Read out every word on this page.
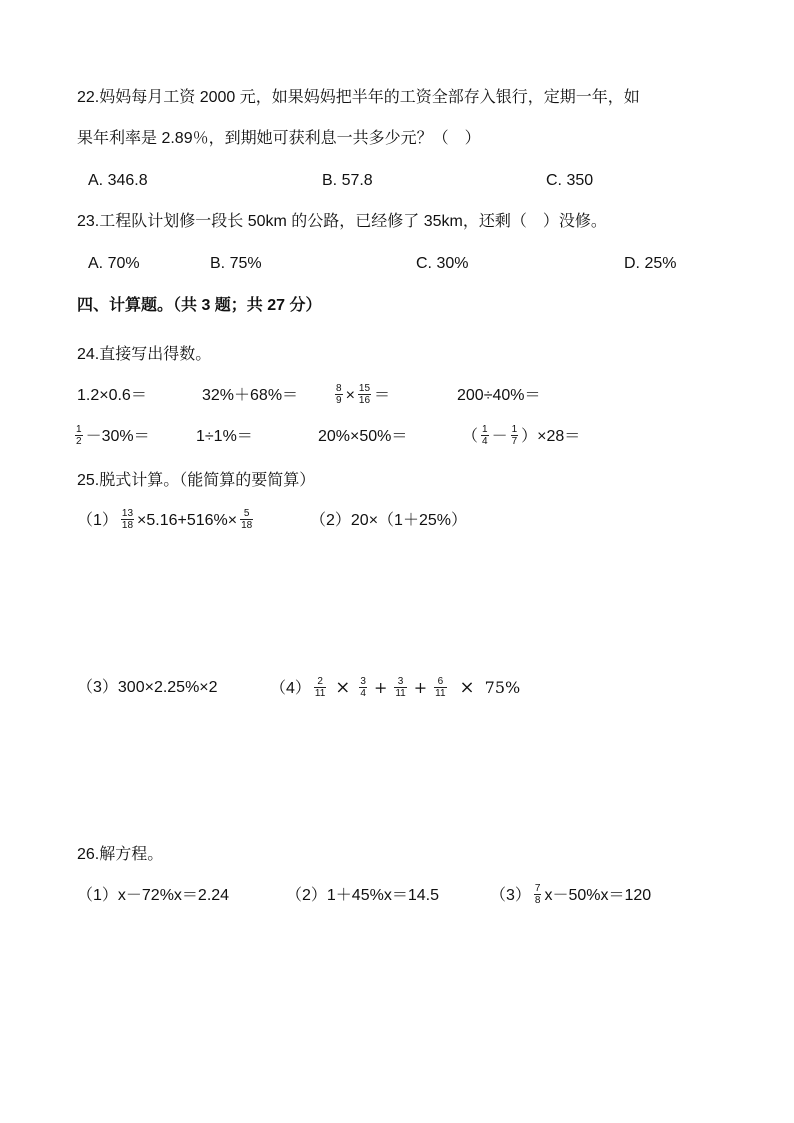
22.妈妈每月工资 2000 元，如果妈妈把半年的工资全部存入银行，定期一年，如
果年利率是 2.89％，到期她可获利息一共多少元？（　）
A. 346.8	B. 57.8	C. 350
23.工程队计划修一段长 50km 的公路，已经修了 35km，还剩（　）没修。
A. 70%	B. 75%	C. 30%	D. 25%
四、计算题。（共 3 题；共 27 分）
24.直接写出得数。
1.2×0.6＝	32%＋68%＝	$\frac{8}{9} \times \frac{15}{16}$ ＝	200÷40%＝
$\frac{1}{2} -30\%=$	1÷1%＝	20%×50%＝	（ $\frac{1}{4} - \frac{1}{7} )\times 28=$
25.脱式计算。（能简算的要简算）
$(1) \frac{13}{18} \times 5.16+516\%\times \frac{5}{18}$	（2）20×（1＋25%）
（3）300×2.25%×2	$(4) \frac{2}{11} \times \frac{3}{4} + \frac{3}{11} + \frac{6}{11} \times 75\%$
26.解方程。
（1）x－72%x＝2.24	（2）1＋45%x＝14.5	$(3) \frac{7}{8} x-50\%x=120$
